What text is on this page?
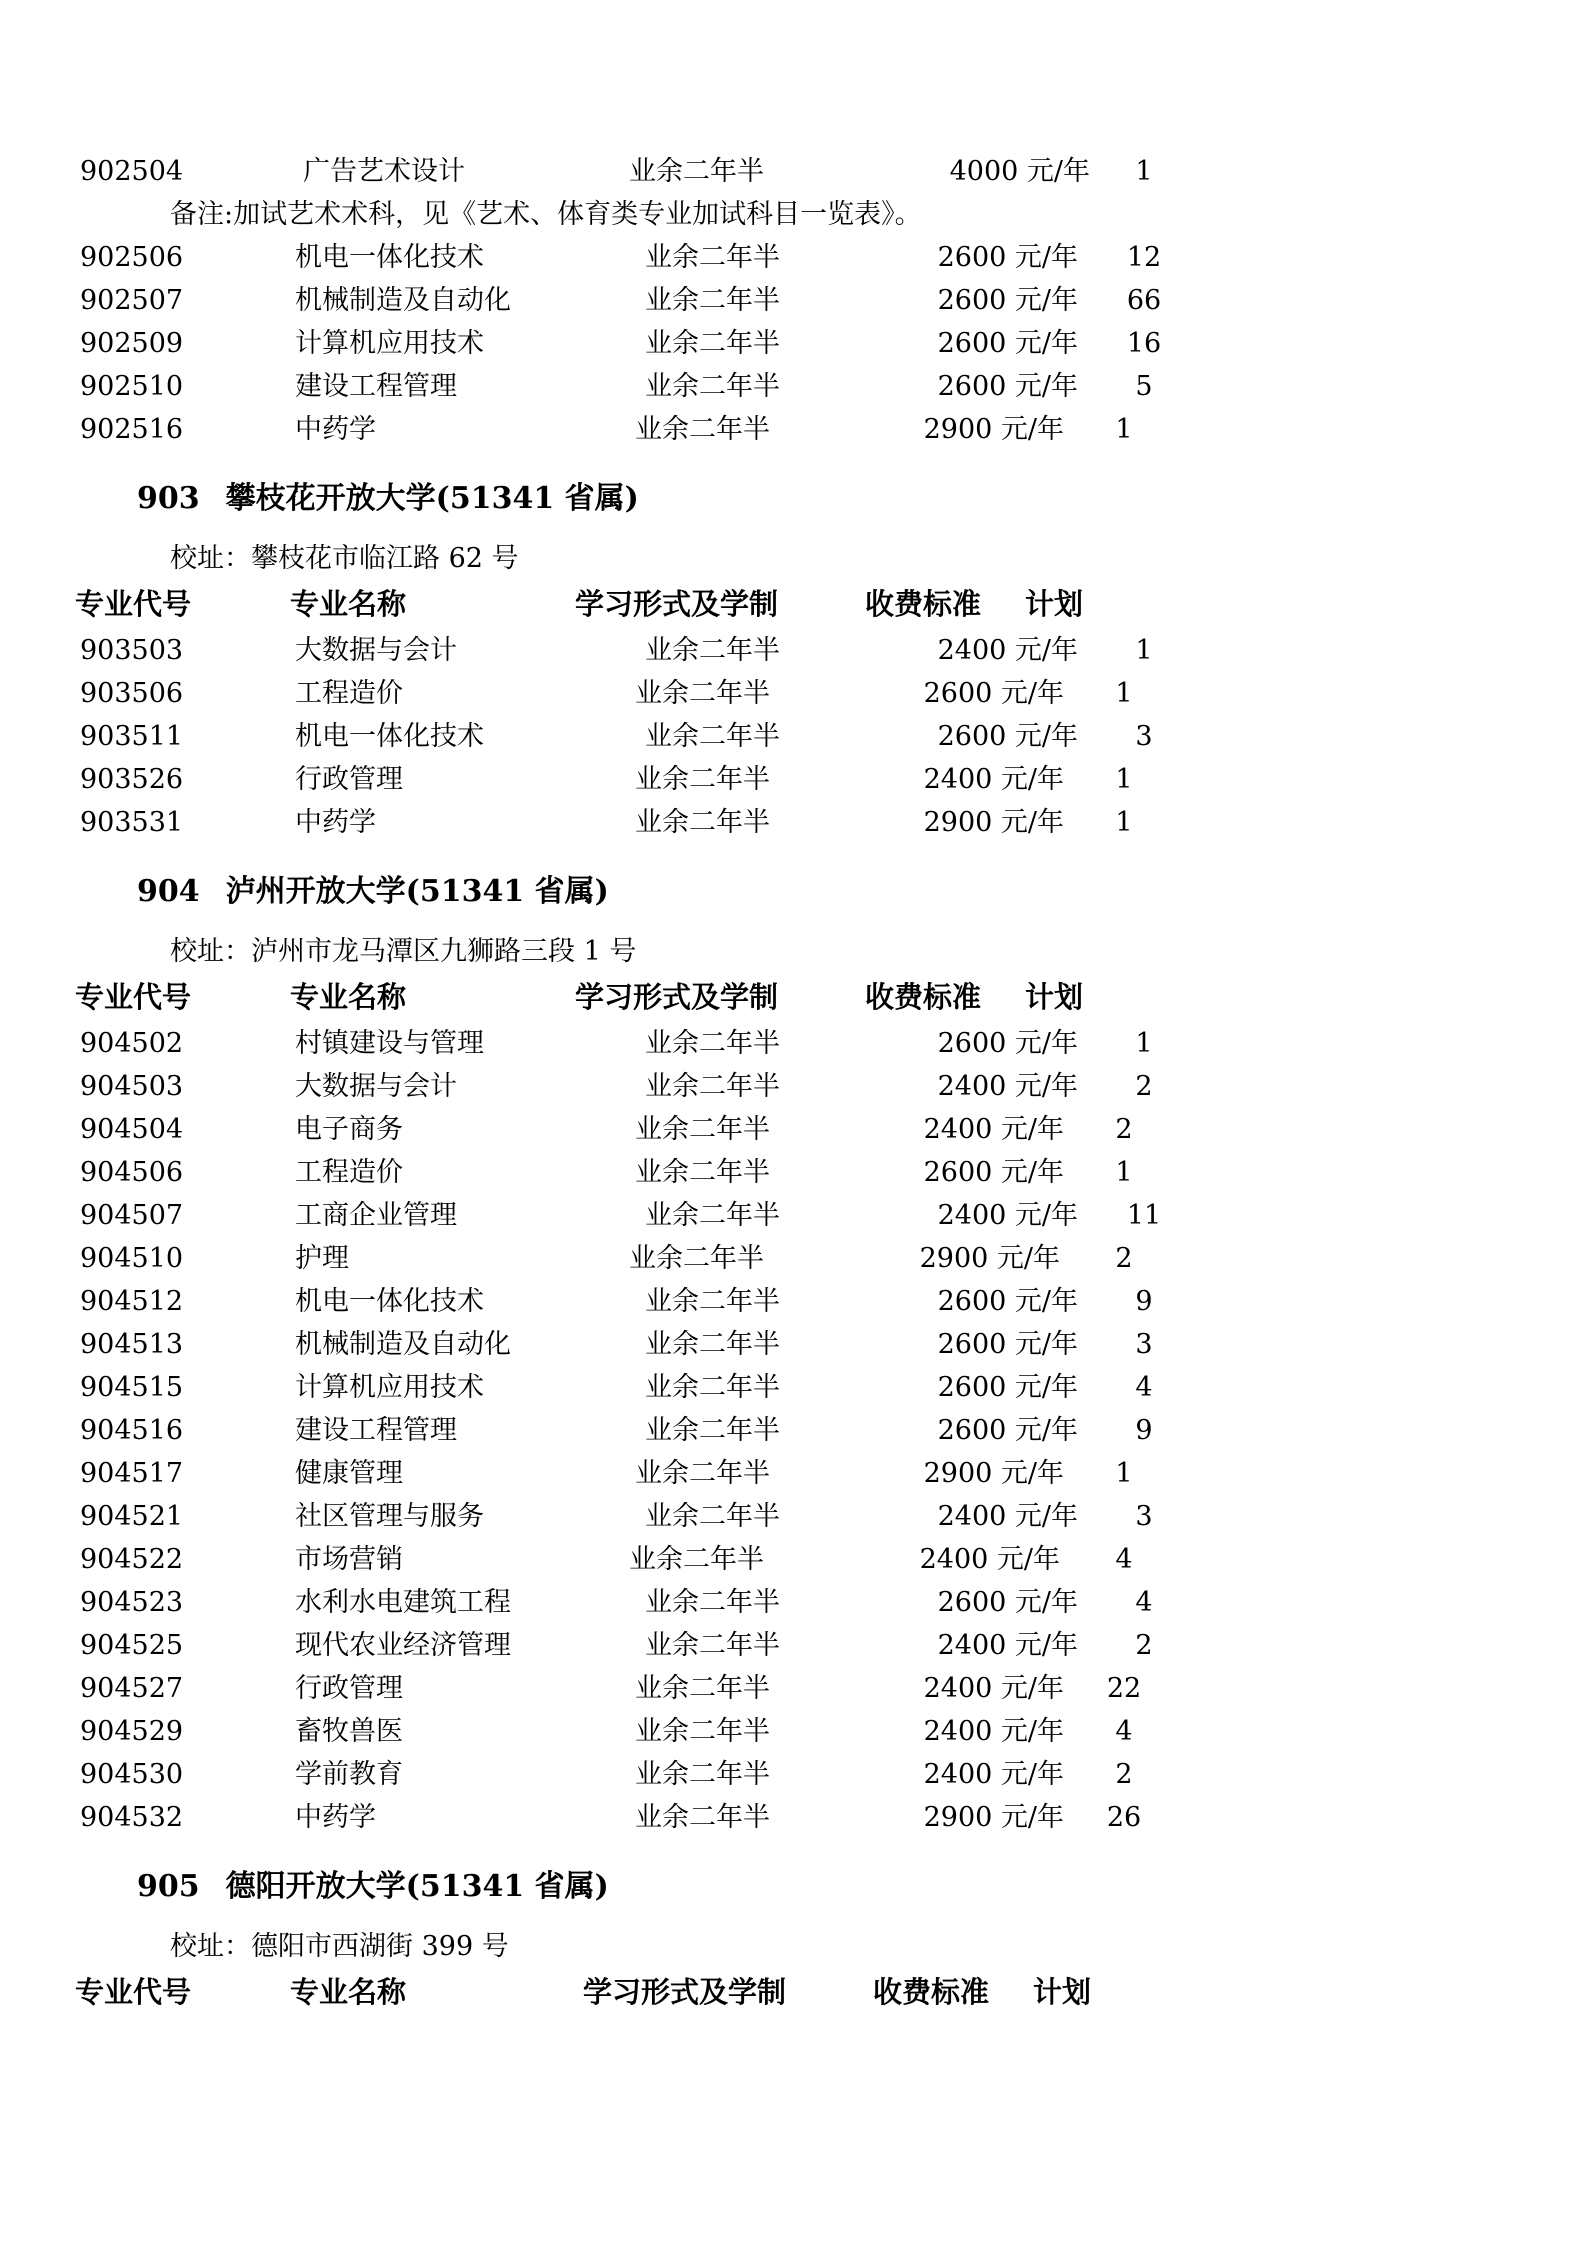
902504	广告艺术设计	业余二年半	4000 元/年	1
备注:加试艺术术科，见《艺术、体育类专业加试科目一览表》。
902506	机电一体化技术	业余二年半	2600 元/年	12
902507	机械制造及自动化	业余二年半	2600 元/年	66
902509	计算机应用技术	业余二年半	2600 元/年	16
902510	建设工程管理	业余二年半	2600 元/年	5
902516	中药学	业余二年半	2900 元/年	1
903 攀枝花开放大学(51341 省属)
校址：攀枝花市临江路 62 号
专业代号	专业名称	学习形式及学制	收费标准	计划
903503	大数据与会计	业余二年半	2400 元/年	1
903506	工程造价	业余二年半	2600 元/年	1
903511	机电一体化技术	业余二年半	2600 元/年	3
903526	行政管理	业余二年半	2400 元/年	1
903531	中药学	业余二年半	2900 元/年	1
904 泸州开放大学(51341 省属)
校址：泸州市龙马潭区九狮路三段 1 号
专业代号	专业名称	学习形式及学制	收费标准	计划
904502	村镇建设与管理	业余二年半	2600 元/年	1
904503	大数据与会计	业余二年半	2400 元/年	2
904504	电子商务	业余二年半	2400 元/年	2
904506	工程造价	业余二年半	2600 元/年	1
904507	工商企业管理	业余二年半	2400 元/年	11
904510	护理	业余二年半	2900 元/年	2
904512	机电一体化技术	业余二年半	2600 元/年	9
904513	机械制造及自动化	业余二年半	2600 元/年	3
904515	计算机应用技术	业余二年半	2600 元/年	4
904516	建设工程管理	业余二年半	2600 元/年	9
904517	健康管理	业余二年半	2900 元/年	1
904521	社区管理与服务	业余二年半	2400 元/年	3
904522	市场营销	业余二年半	2400 元/年	4
904523	水利水电建筑工程	业余二年半	2600 元/年	4
904525	现代农业经济管理	业余二年半	2400 元/年	2
904527	行政管理	业余二年半	2400 元/年	22
904529	畜牧兽医	业余二年半	2400 元/年	4
904530	学前教育	业余二年半	2400 元/年	2
904532	中药学	业余二年半	2900 元/年	26
905 德阳开放大学(51341 省属)
校址：德阳市西湖街 399 号
专业代号	专业名称	学习形式及学制	收费标准	计划
